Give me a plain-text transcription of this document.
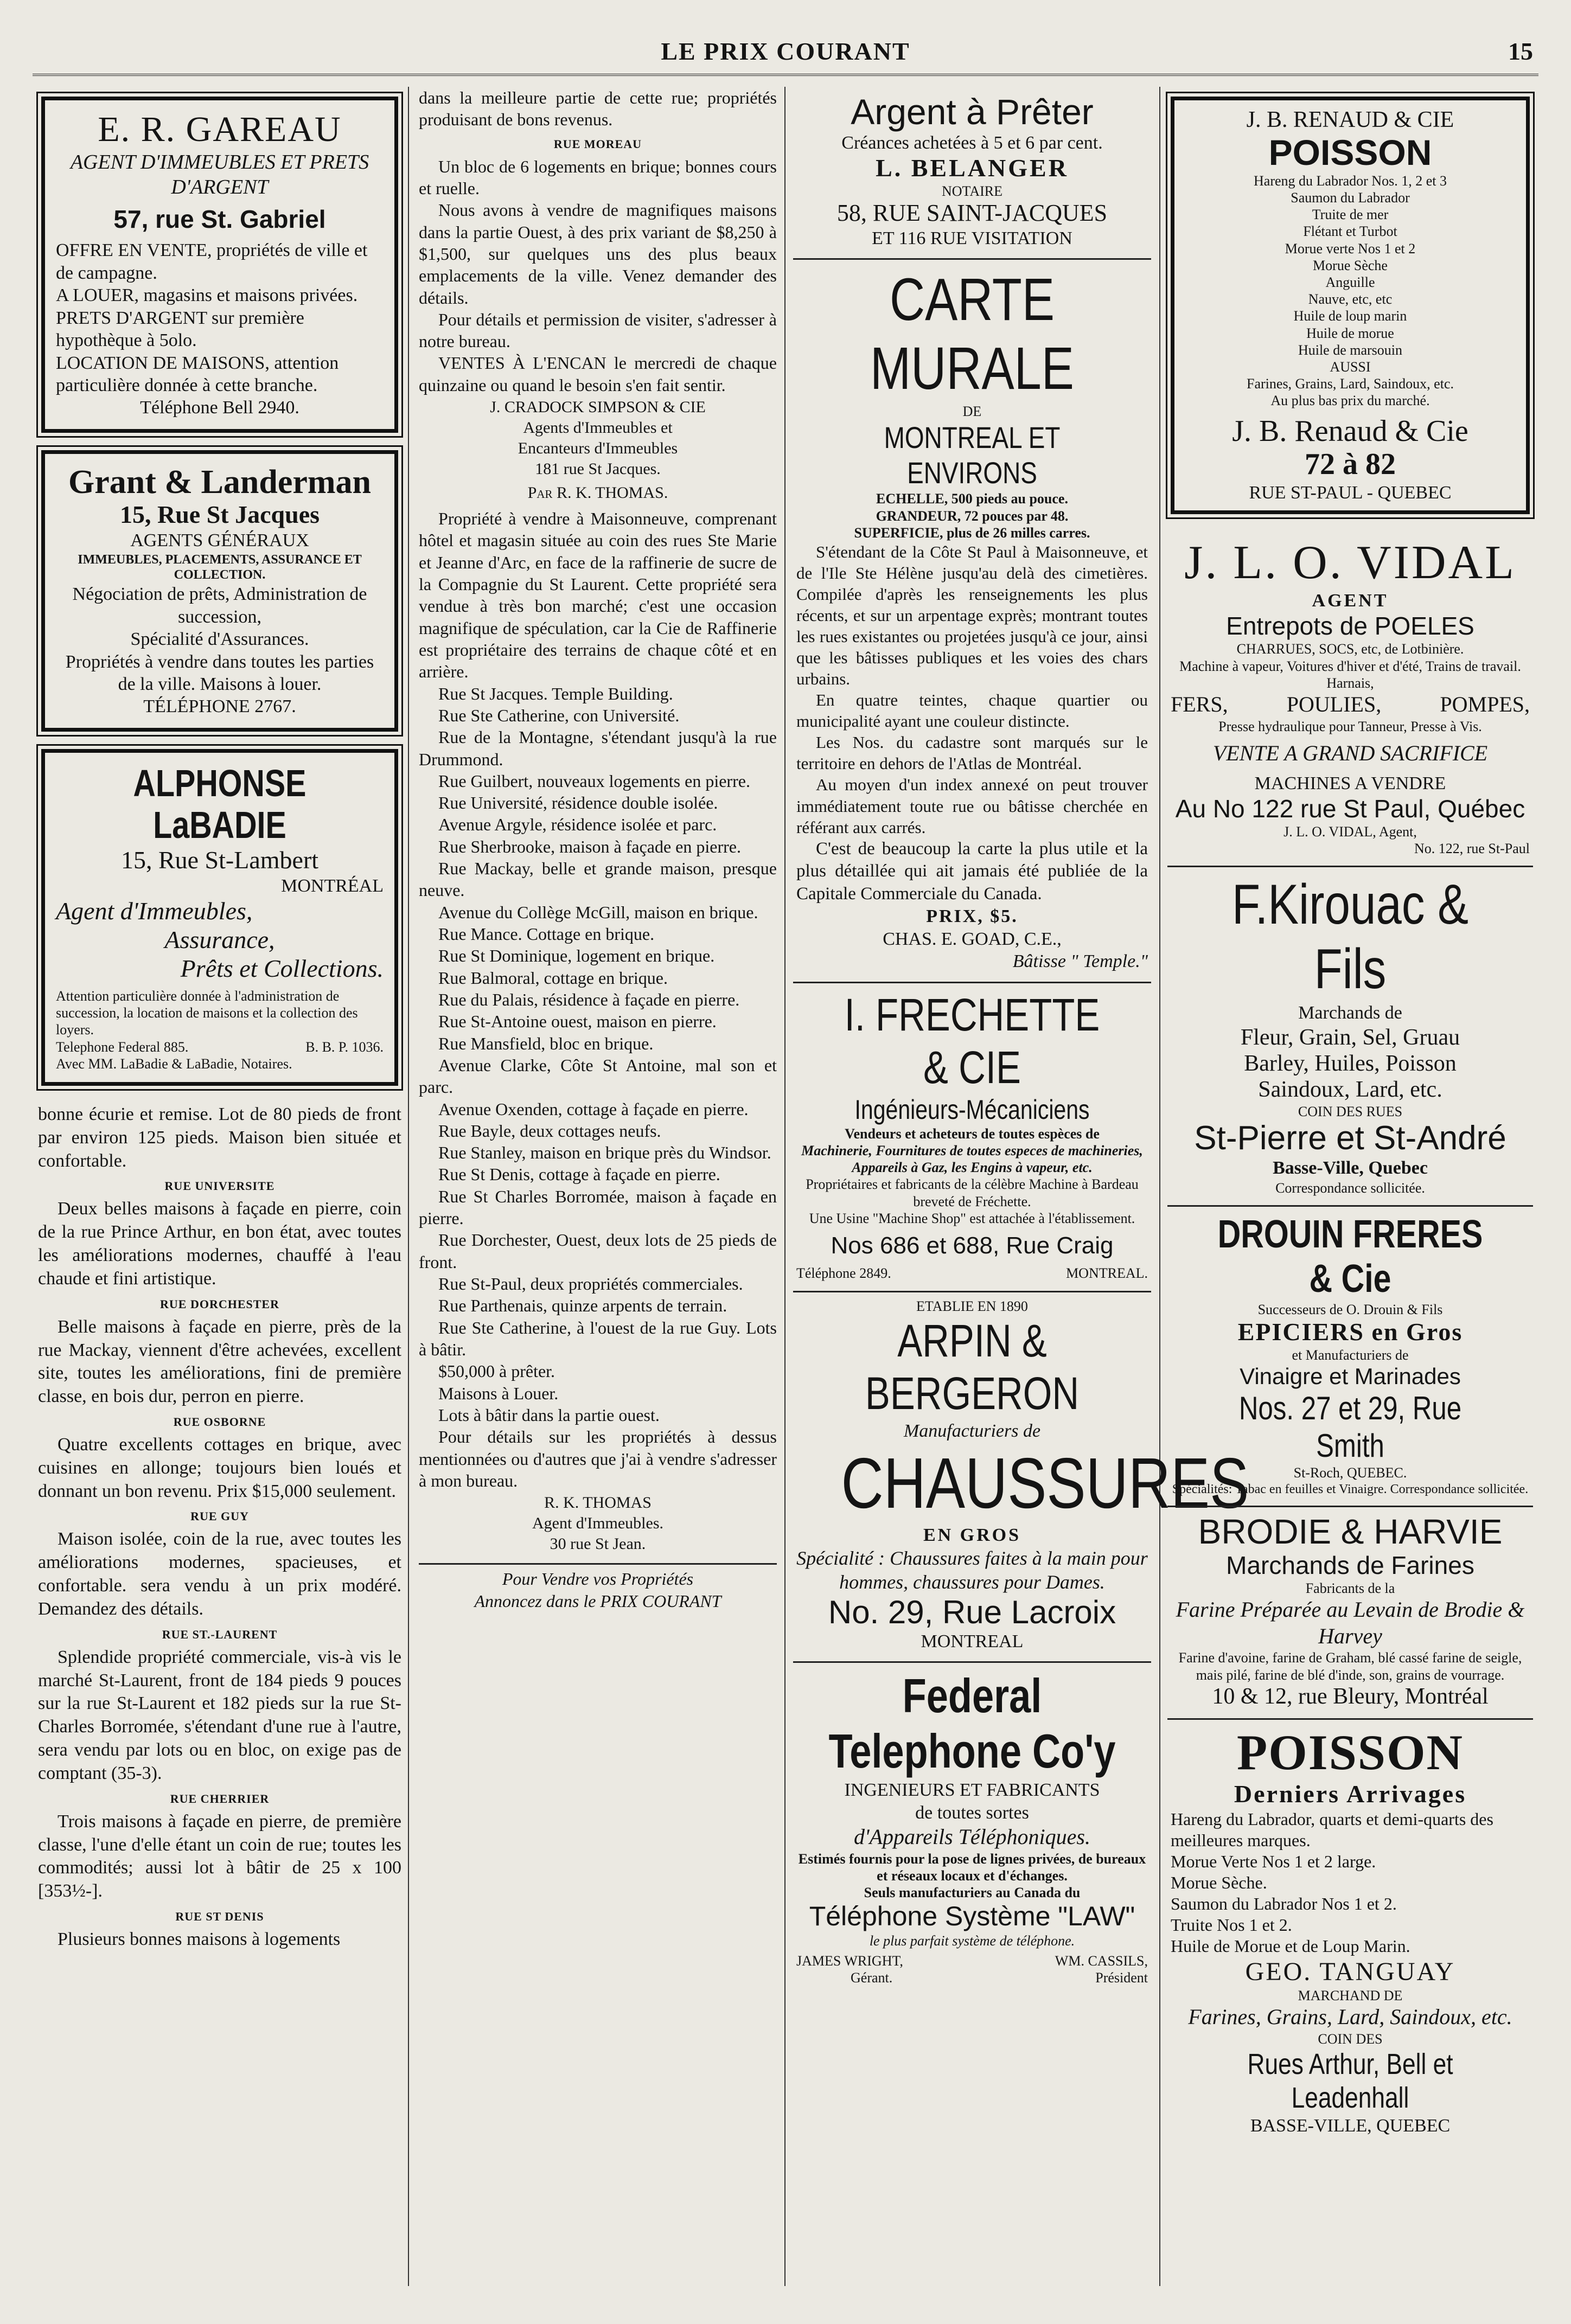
LE PRIX COURANT	15
E. R. GAREAU
AGENT D'IMMEUBLES ET PRETS D'ARGENT
57, rue St. Gabriel
OFFRE EN VENTE, propriétés de ville et de campagne.
A LOUER, magasins et maisons privées.
PRETS D'ARGENT sur première hypothèque à 5olo.
LOCATION DE MAISONS, attention particulière donnée à cette branche.
Téléphone Bell 2940.
Grant & Landerman
15, Rue St Jacques
AGENTS GÉNÉRAUX
IMMEUBLES, PLACEMENTS, ASSURANCE ET COLLECTION.
Négociation de prêts, Administration de succession,
Spécialité d'Assurances.
Propriétés à vendre dans toutes les parties de la ville. Maisons à louer.
TÉLÉPHONE 2767.
ALPHONSE LaBADIE
15, Rue St-Lambert
MONTRÉAL
Agent d'Immeubles,
Assurance,
Prêts et Collections.
Attention particulière donnée à l'administration de succession, la location de maisons et la collection des loyers.
Telephone Federal 885.	B. B. P. 1036.
Avec MM. LaBadie & LaBadie, Notaires.

bonne écurie et remise. Lot de 80 pieds de front par environ 125 pieds. Maison bien située et confortable.

RUE UNIVERSITE

Deux belles maisons à façade en pierre, coin de la rue Prince Arthur, en bon état, avec toutes les améliorations modernes, chauffé à l'eau chaude et fini artistique.

RUE DORCHESTER

Belle maisons à façade en pierre, près de la rue Mackay, viennent d'être achevées, excellent site, toutes les améliorations, fini de première classe, en bois dur, perron en pierre.

RUE OSBORNE

Quatre excellents cottages en brique, avec cuisines en allonge; toujours bien loués et donnant un bon revenu. Prix $15,000 seulement.

RUE GUY

Maison isolée, coin de la rue, avec toutes les améliorations modernes, spacieuses, et confortable. sera vendu à un prix modéré. Demandez des détails.

RUE ST.-LAURENT

Splendide propriété commerciale, vis-à vis le marché St-Laurent, front de 184 pieds 9 pouces sur la rue St-Laurent et 182 pieds sur la rue St-Charles Borromée, s'étendant d'une rue à l'autre, sera vendu par lots ou en bloc, on exige pas de comptant (35-3).

RUE CHERRIER

Trois maisons à façade en pierre, de première classe, l'une d'elle étant un coin de rue; toutes les commodités; aussi lot à bâtir de 25 x 100 [353½-].

RUE ST DENIS

Plusieurs bonnes maisons à logements

dans la meilleure partie de cette rue; propriétés produisant de bons revenus.

RUE MOREAU

Un bloc de 6 logements en brique; bonnes cours et ruelle.

Nous avons à vendre de magnifiques maisons dans la partie Ouest, à des prix variant de $8,250 à $1,500, sur quelques uns des plus beaux emplacements de la ville. Venez demander des détails.

Pour détails et permission de visiter, s'adresser à notre bureau.

VENTES À L'ENCAN le mercredi de chaque quinzaine ou quand le besoin s'en fait sentir.

J. CRADOCK SIMPSON & CIE
Agents d'Immeubles et
Encanteurs d'Immeubles
181 rue St Jacques.
Par R. K. THOMAS.

Propriété à vendre à Maisonneuve, comprenant hôtel et magasin située au coin des rues Ste Marie et Jeanne d'Arc, en face de la raffinerie de sucre de la Compagnie du St Laurent. Cette propriété sera vendue à très bon marché; c'est une occasion magnifique de spéculation, car la Cie de Raffinerie est propriétaire des terrains de chaque côté et en arrière.

Rue St Jacques. Temple Building.
Rue Ste Catherine, con Université.
Rue de la Montagne, s'étendant jusqu'à la rue Drummond.
Rue Guilbert, nouveaux logements en pierre.
Rue Université, résidence double isolée.
Avenue Argyle, résidence isolée et parc.
Rue Sherbrooke, maison à façade en pierre.
Rue Mackay, belle et grande maison, presque neuve.
Avenue du Collège McGill, maison en brique.
Rue Mance. Cottage en brique.
Rue St Dominique, logement en brique.
Rue Balmoral, cottage en brique.
Rue du Palais, résidence à façade en pierre.
Rue St-Antoine ouest, maison en pierre.
Rue Mansfield, bloc en brique.
Avenue Clarke, Côte St Antoine, mal son et parc.
Avenue Oxenden, cottage à façade en pierre.
Rue Bayle, deux cottages neufs.
Rue Stanley, maison en brique près du Windsor.
Rue St Denis, cottage à façade en pierre.
Rue St Charles Borromée, maison à façade en pierre.
Rue Dorchester, Ouest, deux lots de 25 pieds de front.
Rue St-Paul, deux propriétés commerciales.
Rue Parthenais, quinze arpents de terrain.
Rue Ste Catherine, à l'ouest de la rue Guy. Lots à bâtir.
$50,000 à prêter.
Maisons à Louer.
Lots à bâtir dans la partie ouest.
Pour détails sur les propriétés à dessus mentionnées ou d'autres que j'ai à vendre s'adresser à mon bureau.
R. K. THOMAS
Agent d'Immeubles.
30 rue St Jean.
Pour Vendre vos Propriétés
Annoncez dans le PRIX COURANT
Argent à Prêter
Créances achetées à 5 et 6 par cent.
L. BELANGER
NOTAIRE
58, RUE SAINT-JACQUES
ET 116 RUE VISITATION
CARTE MURALE
DE
MONTREAL ET ENVIRONS
ECHELLE, 500 pieds au pouce.
GRANDEUR, 72 pouces par 48.
SUPERFICIE, plus de 26 milles carres.

S'étendant de la Côte St Paul à Maisonneuve, et de l'Ile Ste Hélène jusqu'au delà des cimetières. Compilée d'après les renseignements les plus récents, et sur un arpentage exprès; montrant toutes les rues existantes ou projetées jusqu'à ce jour, ainsi que les bâtisses publiques et les voies des chars urbains.

En quatre teintes, chaque quartier ou municipalité ayant une couleur distincte.

Les Nos. du cadastre sont marqués sur le territoire en dehors de l'Atlas de Montréal.

Au moyen d'un index annexé on peut trouver immédiatement toute rue ou bâtisse cherchée en référant aux carrés.

C'est de beaucoup la carte la plus utile et la plus détaillée qui ait jamais été publiée de la Capitale Commerciale du Canada.

PRIX, $5.
CHAS. E. GOAD, C.E.,
Bâtisse " Temple."
I. FRECHETTE & CIE
Ingénieurs-Mécaniciens
Vendeurs et acheteurs de toutes espèces de
Machinerie, Fournitures de toutes especes de machineries,
Appareils à Gaz, les Engins à vapeur, etc.
Propriétaires et fabricants de la célèbre Machine à Bardeau breveté de Fréchette.
Une Usine "Machine Shop" est attachée à l'établissement.
Nos 686 et 688, Rue Craig
Téléphone 2849.	MONTREAL.
ETABLIE EN 1890
ARPIN & BERGERON
Manufacturiers de
CHAUSSURES
EN GROS
Spécialité : Chaussures faites à la main pour hommes, chaussures pour Dames.
No. 29, Rue Lacroix
MONTREAL
Federal Telephone Co'y
INGENIEURS ET FABRICANTS
de toutes sortes
d'Appareils Téléphoniques.
Estimés fournis pour la pose de lignes privées, de bureaux et réseaux locaux et d'échanges.
Seuls manufacturiers au Canada du
Téléphone Système "LAW"
le plus parfait système de téléphone.
JAMES WRIGHT,	WM. CASSILS,
Gérant.	Président
J. B. RENAUD & CIE
POISSON
Hareng du Labrador Nos. 1, 2 et 3
Saumon du Labrador
Truite de mer
Flétant et Turbot
Morue verte Nos 1 et 2
Morue Sèche
Anguille
Nauve, etc, etc
Huile de loup marin
Huile de morue
Huile de marsouin
AUSSI
Farines, Grains, Lard, Saindoux, etc.
Au plus bas prix du marché.
J. B. Renaud & Cie
72 à 82
RUE ST-PAUL - QUEBEC
J. L. O. VIDAL
AGENT
Entrepots de POELES
CHARRUES, SOCS, etc, de Lotbinière.
Machine à vapeur, Voitures d'hiver et d'été, Trains de travail. Harnais,
FERS,	POULIES,	POMPES,
Presse hydraulique pour Tanneur, Presse à Vis.
VENTE A GRAND SACRIFICE
MACHINES A VENDRE
Au No 122 rue St Paul, Québec
J. L. O. VIDAL, Agent,
No. 122, rue St-Paul
F.Kirouac & Fils
Marchands de
Fleur, Grain, Sel, Gruau
Barley, Huiles, Poisson
Saindoux, Lard, etc.
COIN DES RUES
St-Pierre et St-André
Basse-Ville, Quebec
Correspondance sollicitée.
DROUIN FRERES & Cie
Successeurs de O. Drouin & Fils
EPICIERS en Gros
et Manufacturiers de
Vinaigre et Marinades
Nos. 27 et 29, Rue Smith
St-Roch, QUEBEC.
Spécialités: Tabac en feuilles et Vinaigre. Correspondance sollicitée.
BRODIE & HARVIE
Marchands de Farines
Fabricants de la
Farine Préparée au Levain de Brodie & Harvey
Farine d'avoine, farine de Graham, blé cassé farine de seigle, mais pilé, farine de blé d'inde, son, grains de vourrage.
10 & 12, rue Bleury, Montréal
POISSON
Derniers Arrivages
Hareng du Labrador, quarts et demi-quarts des meilleures marques.
Morue Verte Nos 1 et 2 large.
Morue Sèche.
Saumon du Labrador Nos 1 et 2.
Truite Nos 1 et 2.
Huile de Morue et de Loup Marin.
GEO. TANGUAY
MARCHAND DE
Farines, Grains, Lard, Saindoux, etc.
COIN DES
Rues Arthur, Bell et Leadenhall
BASSE-VILLE, QUEBEC
